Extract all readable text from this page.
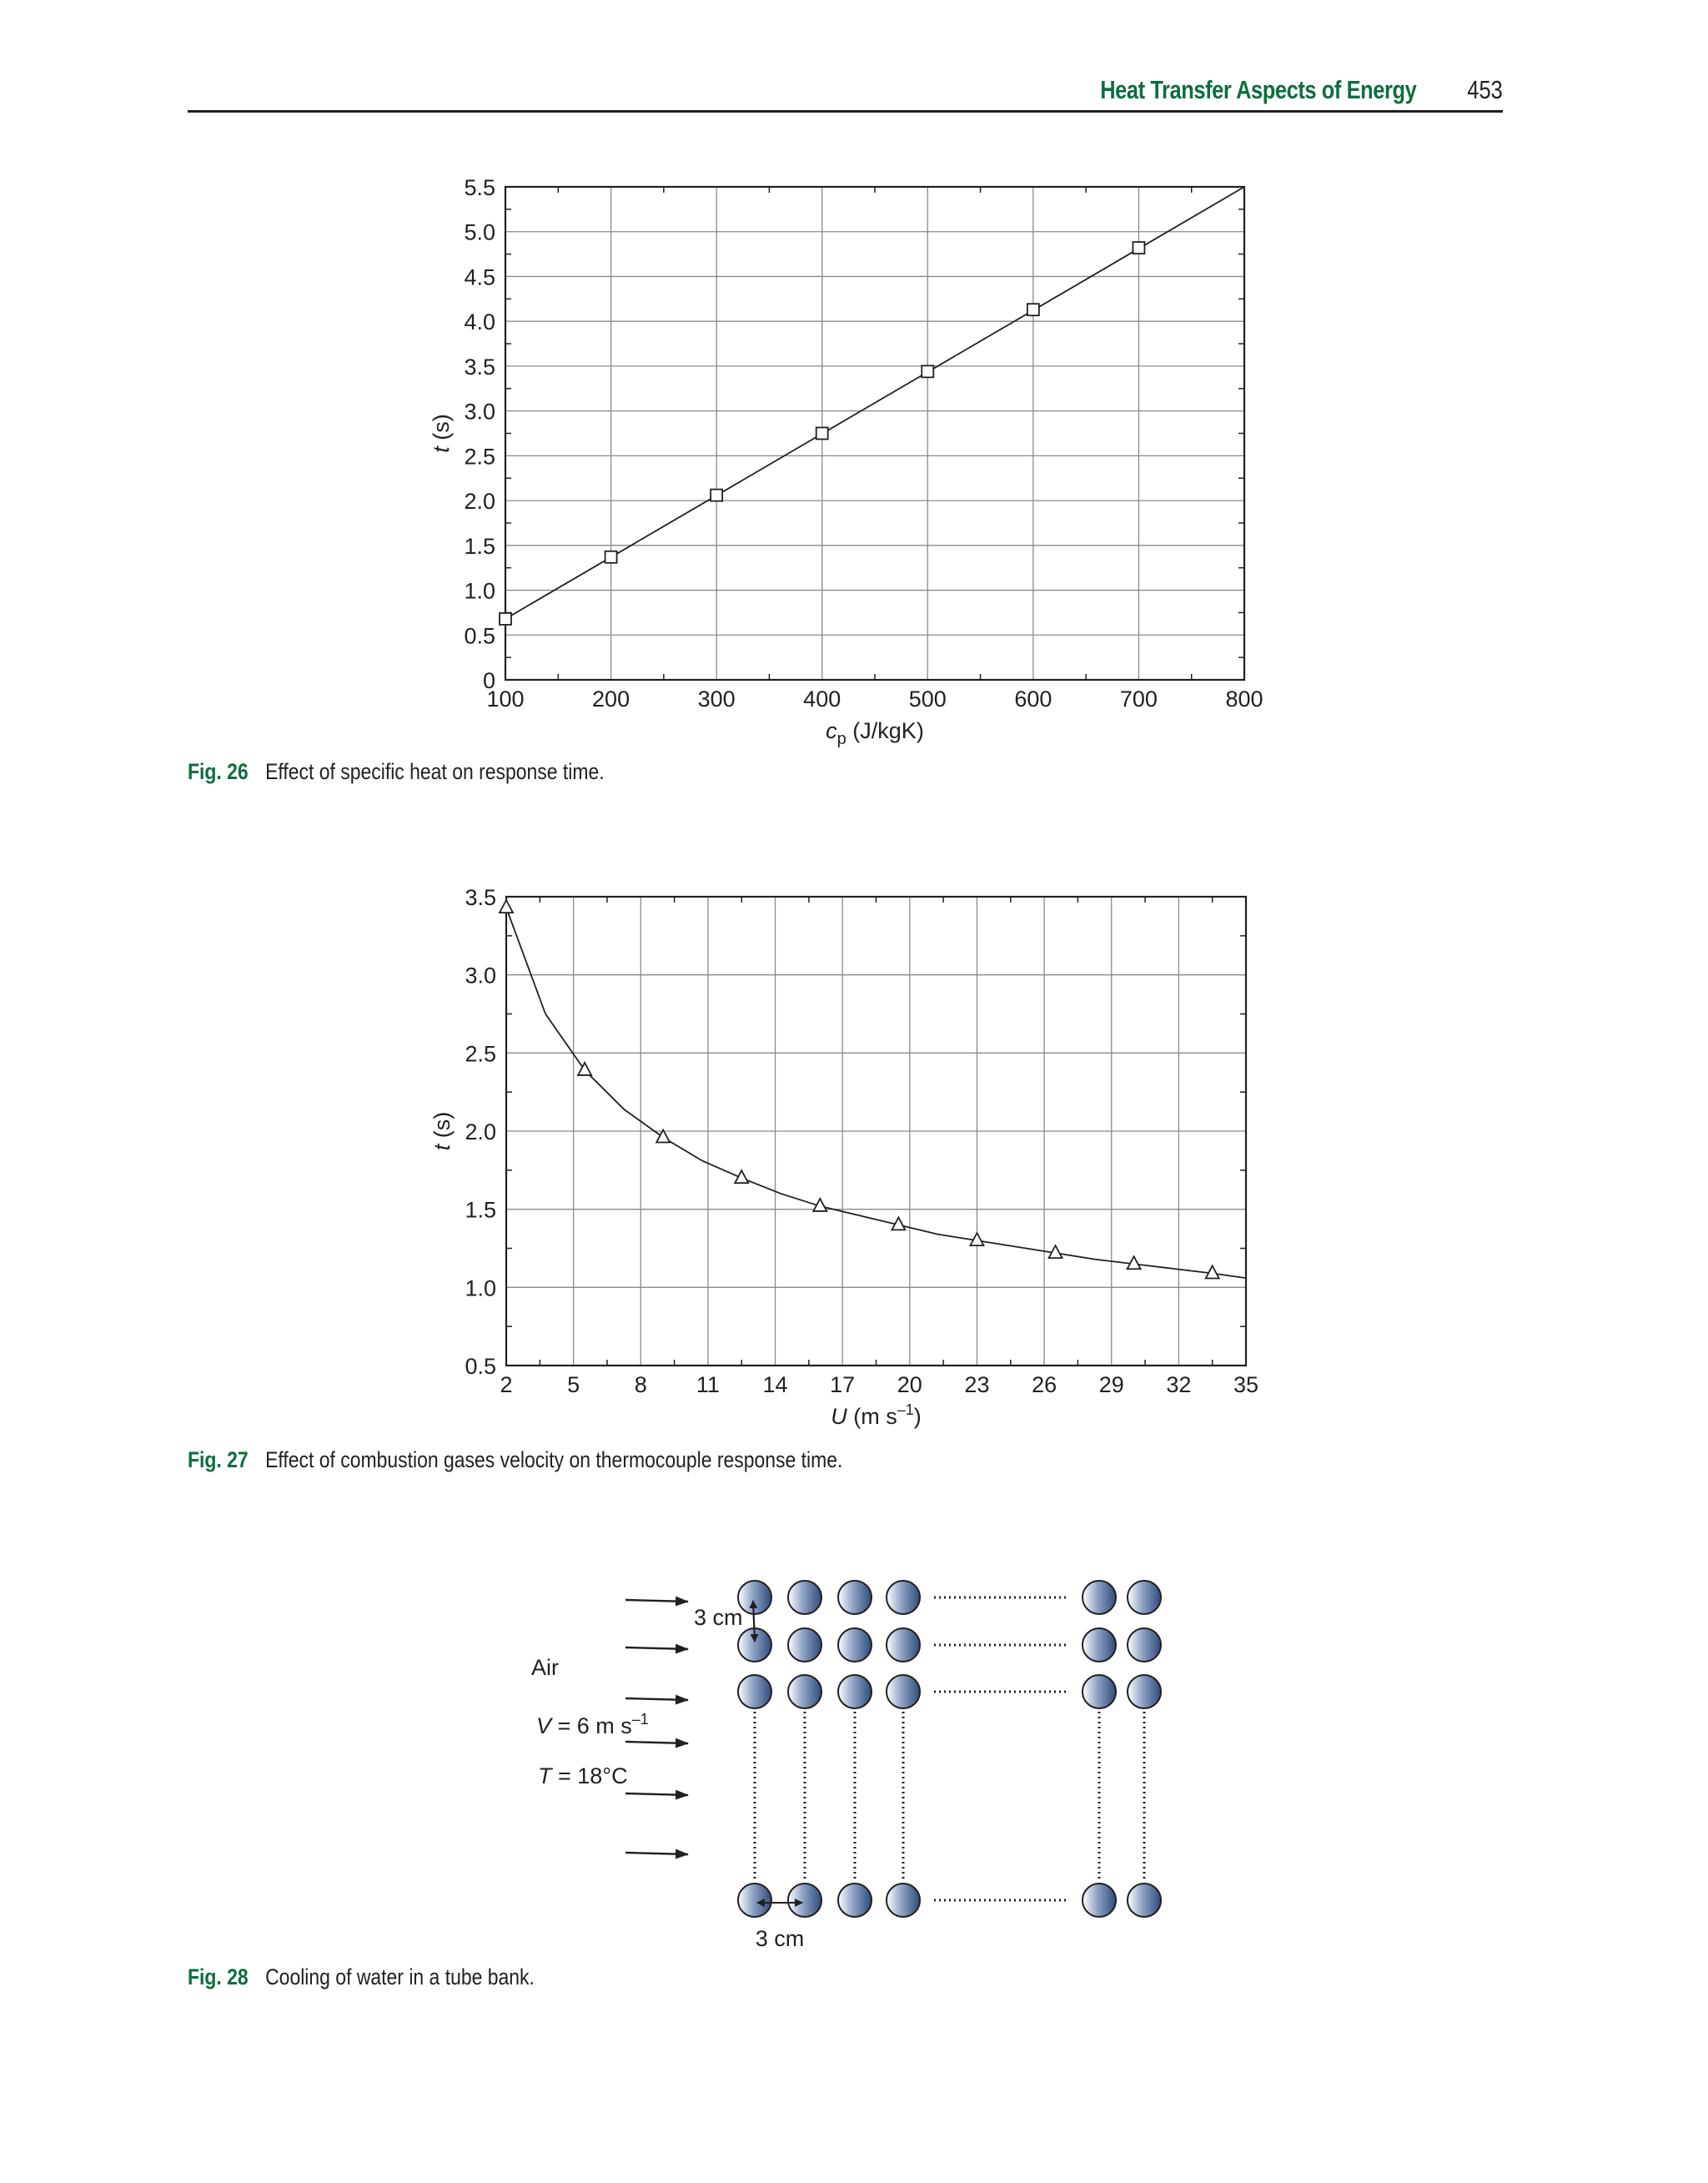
Heat Transfer Aspects of Energy 453
100	200	300	400	500	600	700	800
0
0.5
1.0
1.5
2.0
2.5
3.0
3.5
4.0
4.5
5.0
5.5
t (s)
$c_p$ (J/kgK)
Fig. 26 Effect of specific heat on response time.
2 5 8 11 14 17 20 23 26 29 32 35
0.5
1.0
1.5
2.0
2.5
3.0
3.5
t (s)
U (m $s^{-1}$)
Fig. 27 Effect of combustion gases velocity on thermocouple response time.
3 cm
3 cm
Air
V = 6 m $s^{-1}$
T = 18°C
Fig. 28 Cooling of water in a tube bank.
